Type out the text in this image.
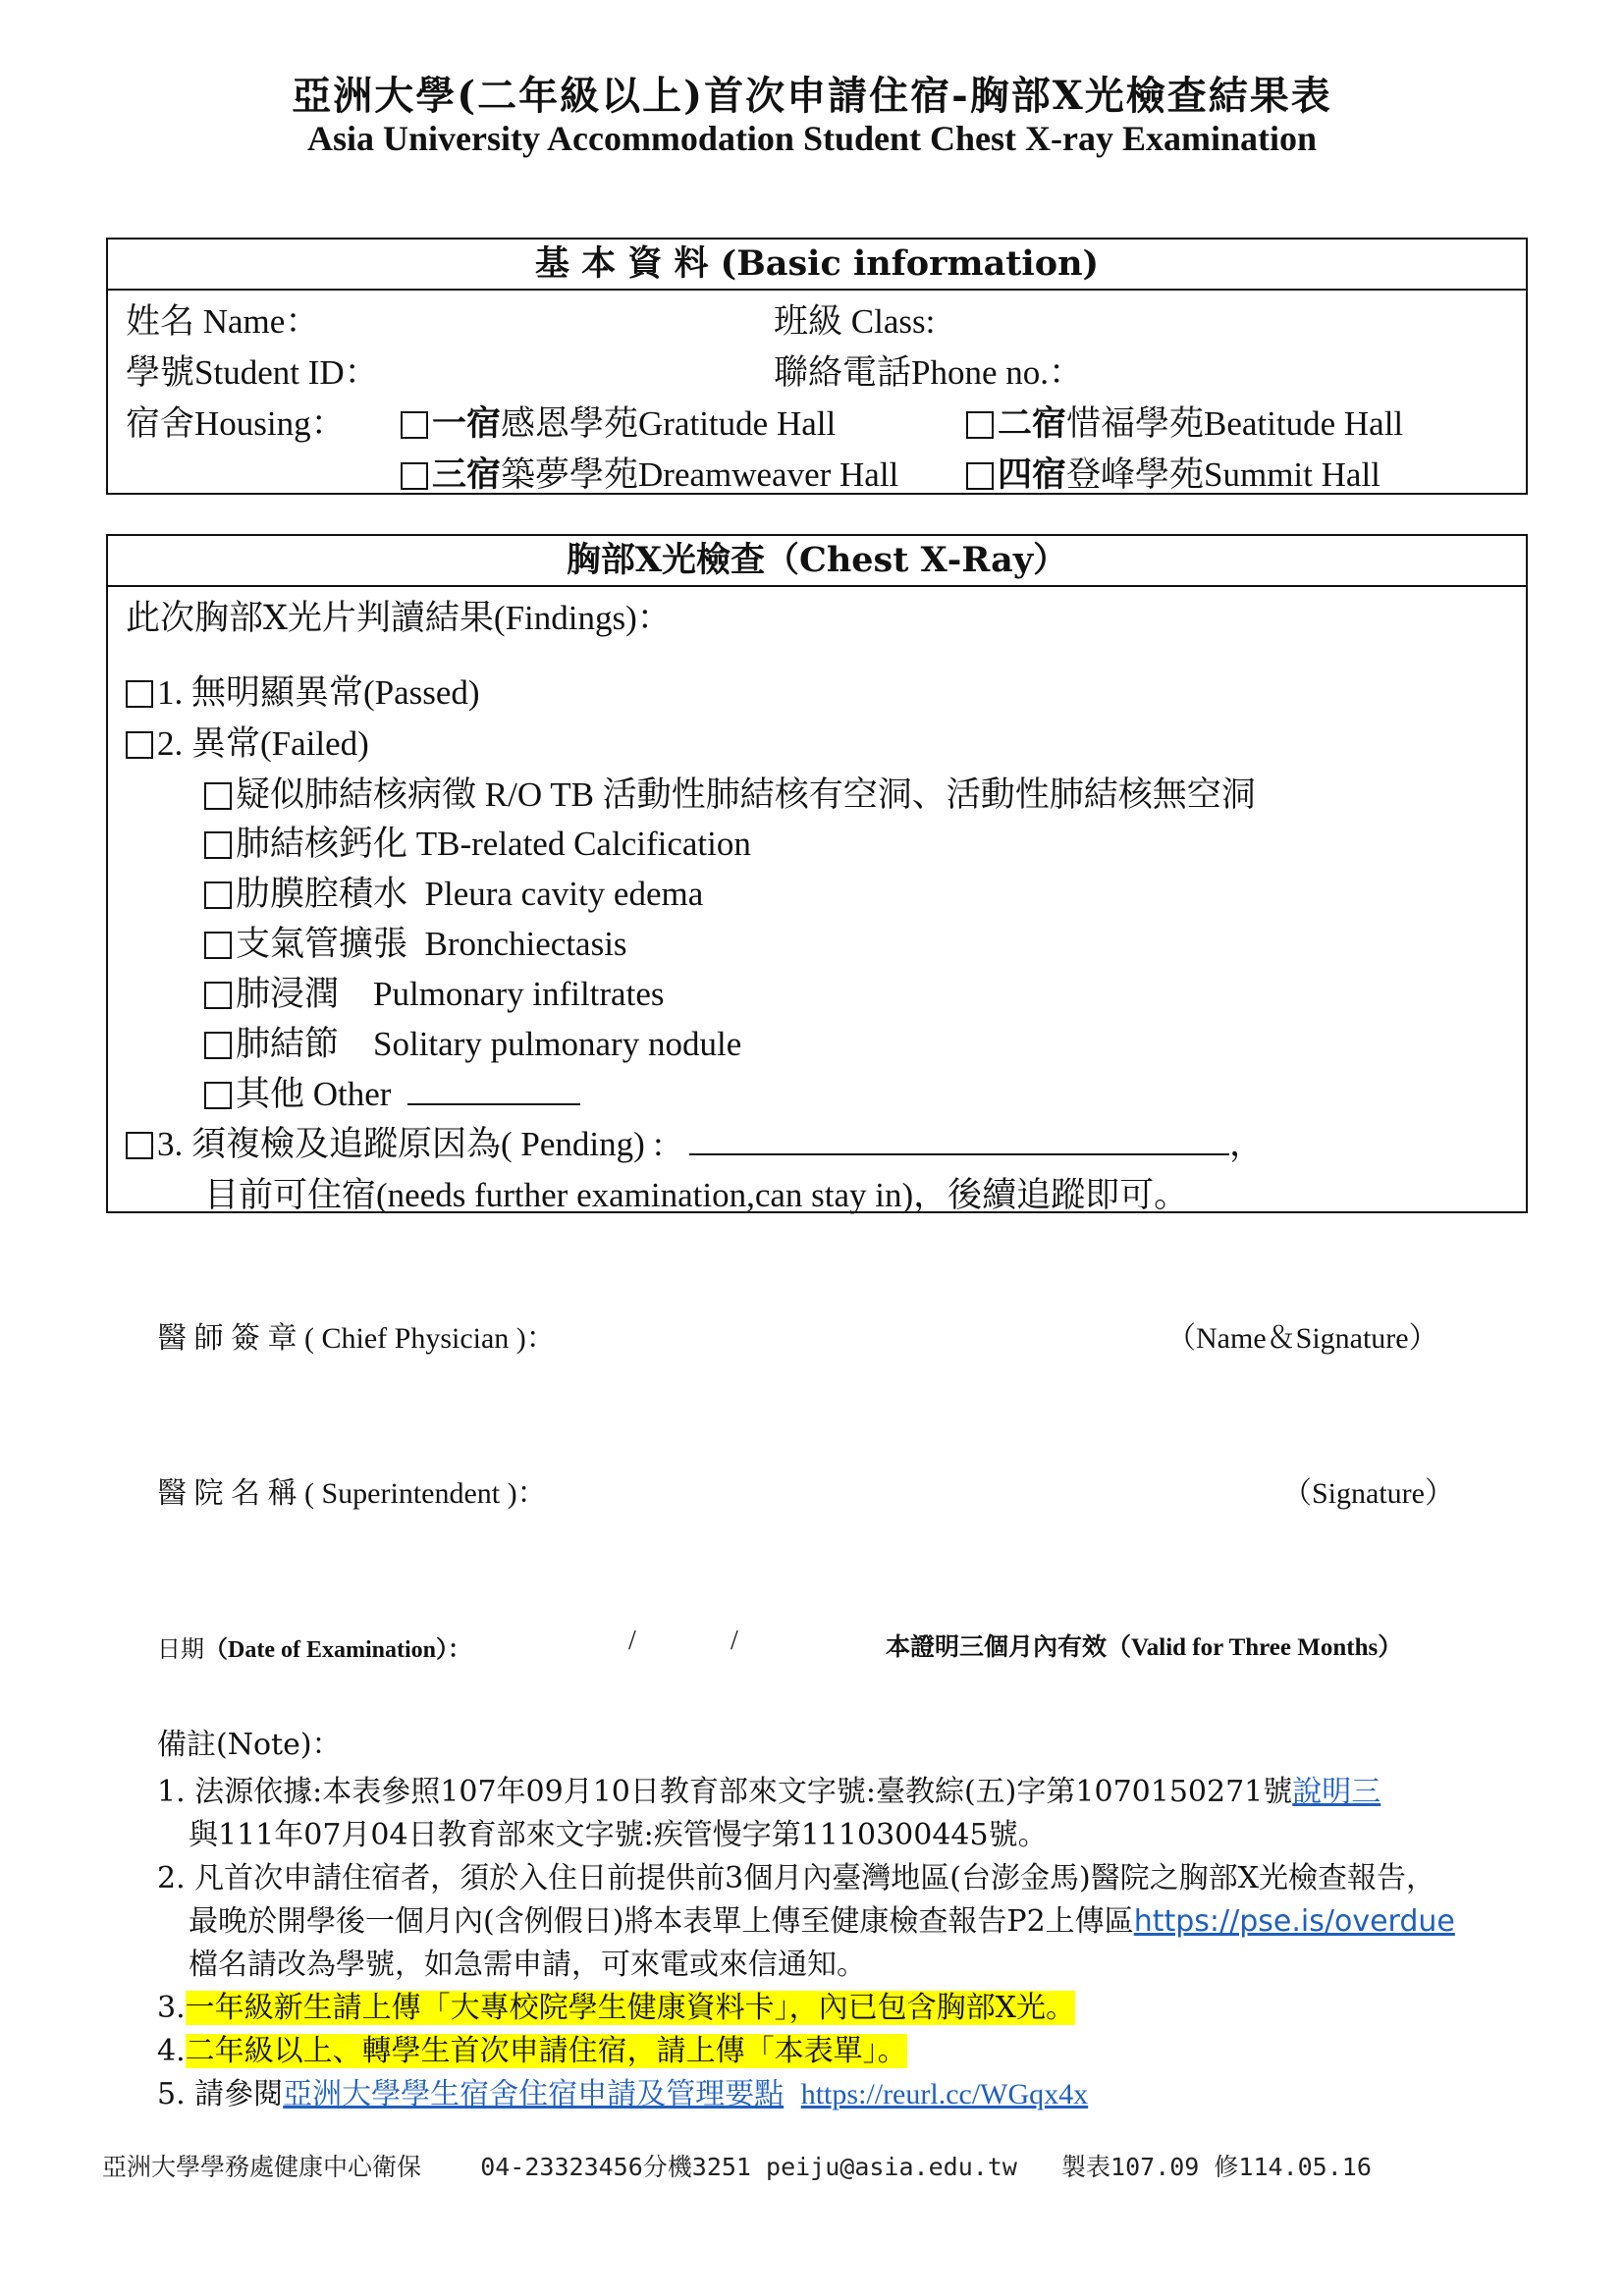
亞洲大學(二年級以上)首次申請住宿-胸部Ⅹ光檢查結果表
Asia University Accommodation Student Chest X-ray Examination
基 本 資 料 (Basic information)
姓名 Name：	班級 Class:
學號Student ID：	聯絡電話Phone no.：
宿舍Housing：	一宿感恩學苑Gratitude Hall	二宿惜福學苑Beatitude Hall
三宿築夢學苑Dreamweaver Hall	四宿登峰學苑Summit Hall
胸部Ⅹ光檢查（Chest Ⅹ-Ray）
此次胸部Ⅹ光片判讀結果(Findings)：
1. 無明顯異常(Passed)
2. 異常(Failed)
疑似肺結核病徵 R/O TB 活動性肺結核有空洞、活動性肺結核無空洞
肺結核鈣化 TB-related Calcification
肋膜腔積水  Pleura cavity edema
支氣管擴張  Bronchiectasis
肺浸潤    Pulmonary infiltrates
肺結節    Solitary pulmonary nodule
其他 Other
3. 須複檢及追蹤原因為( Pending) :	，
目前可住宿(needs further examination,can stay in)，後續追蹤即可。
醫 師 簽 章 ( Chief Physician )：	（Name＆Signature）
醫 院 名 稱 ( Superintendent )：	（Signature）
日期（Date of Examination）：	/	/	本證明三個月內有效（Valid for Three Months）
備註(Note)：
1. 法源依據:本表參照107年09月10日教育部來文字號:臺教綜(五)字第1070150271號說明三
與111年07月04日教育部來文字號:疾管慢字第1110300445號。
2. 凡首次申請住宿者，須於入住日前提供前3個月內臺灣地區(台澎金馬)醫院之胸部X光檢查報告，
最晚於開學後一個月內(含例假日)將本表單上傳至健康檢查報告P2上傳區https://pse.is/overdue
檔名請改為學號，如急需申請，可來電或來信通知。
3.一年級新生請上傳「大專校院學生健康資料卡」，內已包含胸部X光。
4.二年級以上、轉學生首次申請住宿，請上傳「本表單」。
5. 請參閱亞洲大學學生宿舍住宿申請及管理要點 https://reurl.cc/WGqx4x
亞洲大學學務處健康中心衛保    04-23323456分機3251 peiju@asia.edu.tw   製表107.09 修114.05.16
